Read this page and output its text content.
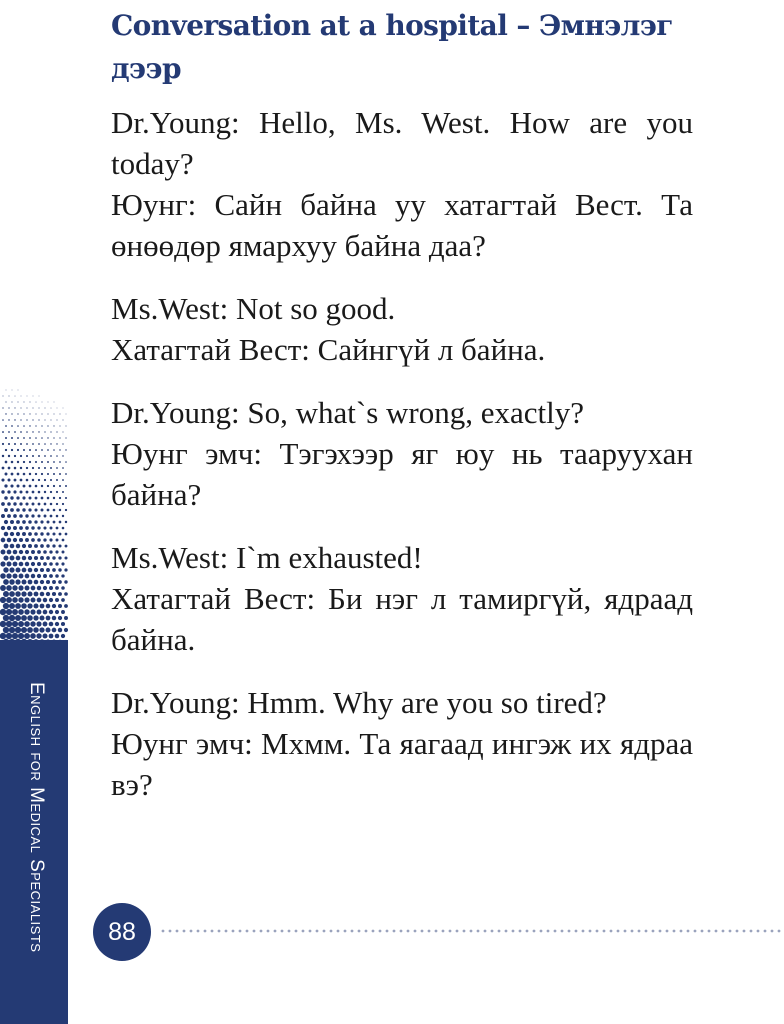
English for Medical Specialists
Conversation at a hospital – Эмнэлэг дээр

Dr.Young: Hello, Ms. West. How are you today?

Юунг: Сайн байна уу хатагтай Вест. Та өнөөдөр ямархуу байна даа?

Ms.West: Not so good.

Хатагтай Вест: Сайнгүй л байна.

Dr.Young: So, what`s wrong, exactly?

Юунг эмч: Тэгэхээр яг юу нь тааруухан байна?

Ms.West: I`m exhausted!

Хатагтай Вест: Би нэг л тамиргүй, ядраад байна.

Dr.Young: Hmm. Why are you so tired?

Юунг эмч: Мхмм. Та яагаад ингэж их ядраа вэ?

88
